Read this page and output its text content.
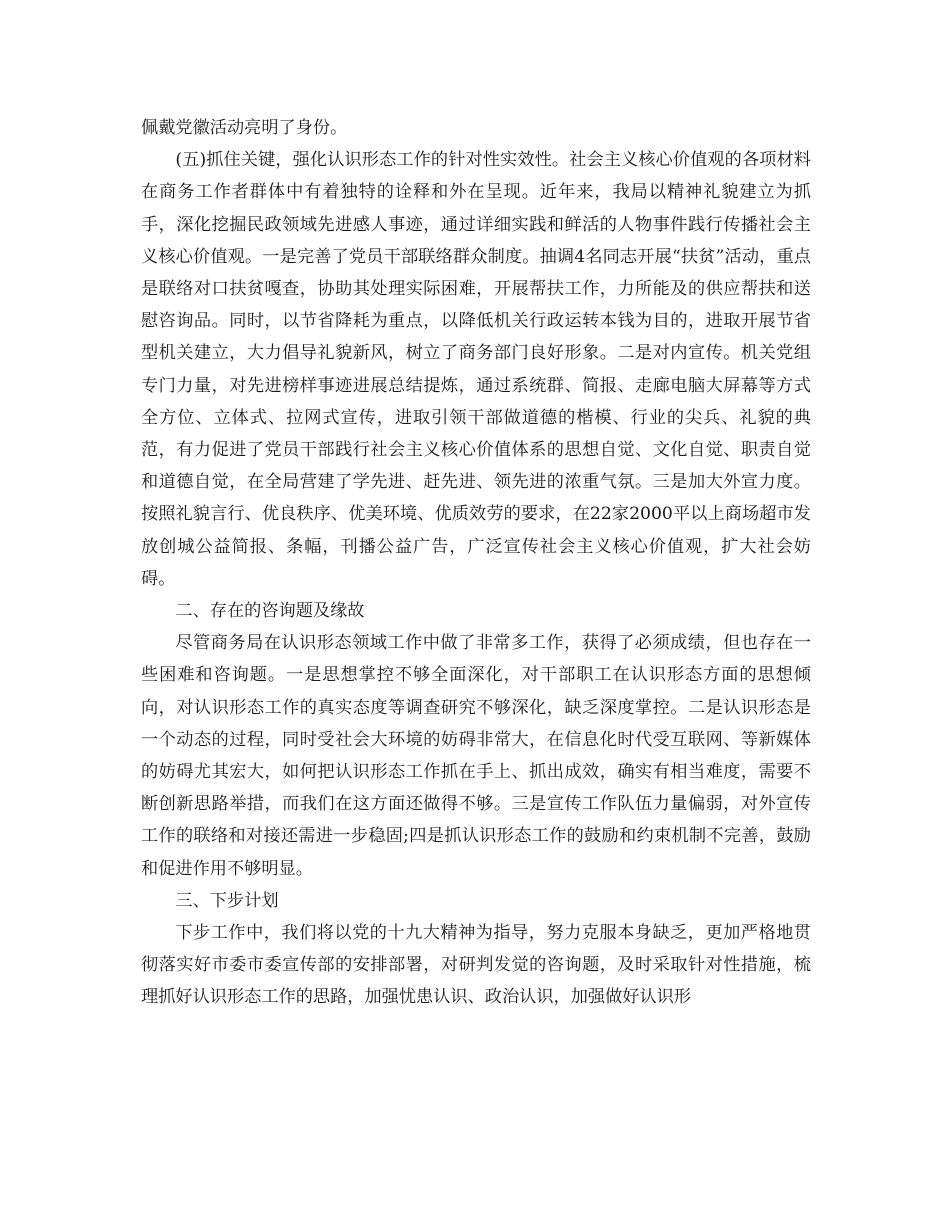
佩戴党徽活动亮明了身份。

(五)抓住关键，强化认识形态工作的针对性实效性。社会主义核心价值观的各项材料在商务工作者群体中有着独特的诠释和外在呈现。近年来，我局以精神礼貌建立为抓手，深化挖掘民政领域先进感人事迹，通过详细实践和鲜活的人物事件践行传播社会主义核心价值观。一是完善了党员干部联络群众制度。抽调4名同志开展“扶贫”活动，重点是联络对口扶贫嘎查，协助其处理实际困难，开展帮扶工作，力所能及的供应帮扶和送慰咨询品。同时，以节省降耗为重点，以降低机关行政运转本钱为目的，进取开展节省型机关建立，大力倡导礼貌新风，树立了商务部门良好形象。二是对内宣传。机关党组专门力量，对先进榜样事迹进展总结提炼，通过系统群、简报、走廊电脑大屏幕等方式全方位、立体式、拉网式宣传，进取引领干部做道德的楷模、行业的尖兵、礼貌的典范，有力促进了党员干部践行社会主义核心价值体系的思想自觉、文化自觉、职责自觉和道德自觉，在全局营建了学先进、赶先进、领先进的浓重气氛。三是加大外宣力度。按照礼貌言行、优良秩序、优美环境、优质效劳的要求，在22家2000平以上商场超市发放创城公益简报、条幅，刊播公益广告，广泛宣传社会主义核心价值观，扩大社会妨碍。

二、存在的咨询题及缘故

尽管商务局在认识形态领域工作中做了非常多工作，获得了必须成绩，但也存在一些困难和咨询题。一是思想掌控不够全面深化，对干部职工在认识形态方面的思想倾向，对认识形态工作的真实态度等调查研究不够深化，缺乏深度掌控。二是认识形态是一个动态的过程，同时受社会大环境的妨碍非常大，在信息化时代受互联网、等新媒体的妨碍尤其宏大，如何把认识形态工作抓在手上、抓出成效，确实有相当难度，需要不断创新思路举措，而我们在这方面还做得不够。三是宣传工作队伍力量偏弱，对外宣传工作的联络和对接还需进一步稳固;四是抓认识形态工作的鼓励和约束机制不完善，鼓励和促进作用不够明显。

三、下步计划

下步工作中，我们将以党的十九大精神为指导，努力克服本身缺乏，更加严格地贯彻落实好市委市委宣传部的安排部署，对研判发觉的咨询题，及时采取针对性措施，梳理抓好认识形态工作的思路，加强忧患认识、政治认识，加强做好认识形
